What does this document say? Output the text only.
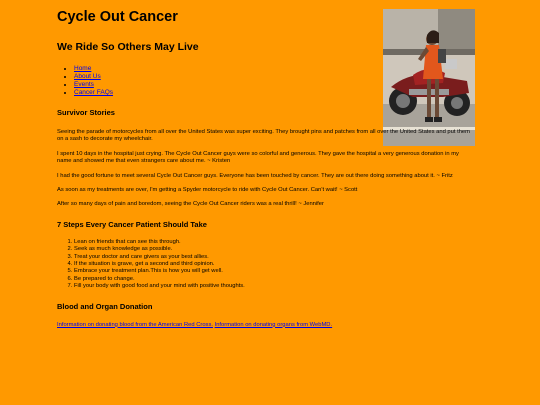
Cycle Out Cancer
We Ride So Others May Live
• Home
• About Us
• Events
• Cancer FAQs
Survivor Stories

Seeing the parade of motorcycles from all over the United States was super exciting. They brought pins and patches from all over the United States and put them on a sash to decorate my wheelchair.

I spent 10 days in the hospital just crying. The Cycle Out Cancer guys were so colorful and generous. They gave the hospital a very generous donation in my name and showed me that even strangers care about me. ~ Kristen

I had the good fortune to meet several Cycle Out Cancer guys. Everyone has been touched by cancer. They are out there doing something about it. ~ Fritz

As soon as my treatments are over, I'm getting a Spyder motorcycle to ride with Cycle Out Cancer. Can't wait! ~ Scott

After so many days of pain and boredom, seeing the Cycle Out Cancer riders was a real thrill! ~ Jennifer

7 Steps Every Cancer Patient Should Take
1. Lean on friends that can see this through.
2. Seek as much knowledge as possible.
3. Treat your doctor and care givers as your best allies.
4. If the situation is grave, get a second and third opinion.
5. Embrace your treatment plan.This is how you will get well.
6. Be prepared to change.
7. Fill your body with good food and your mind with positive thoughts.
Blood and Organ Donation

Information on donating blood from the American Red Cross. Information on donating organs from WebMD.
